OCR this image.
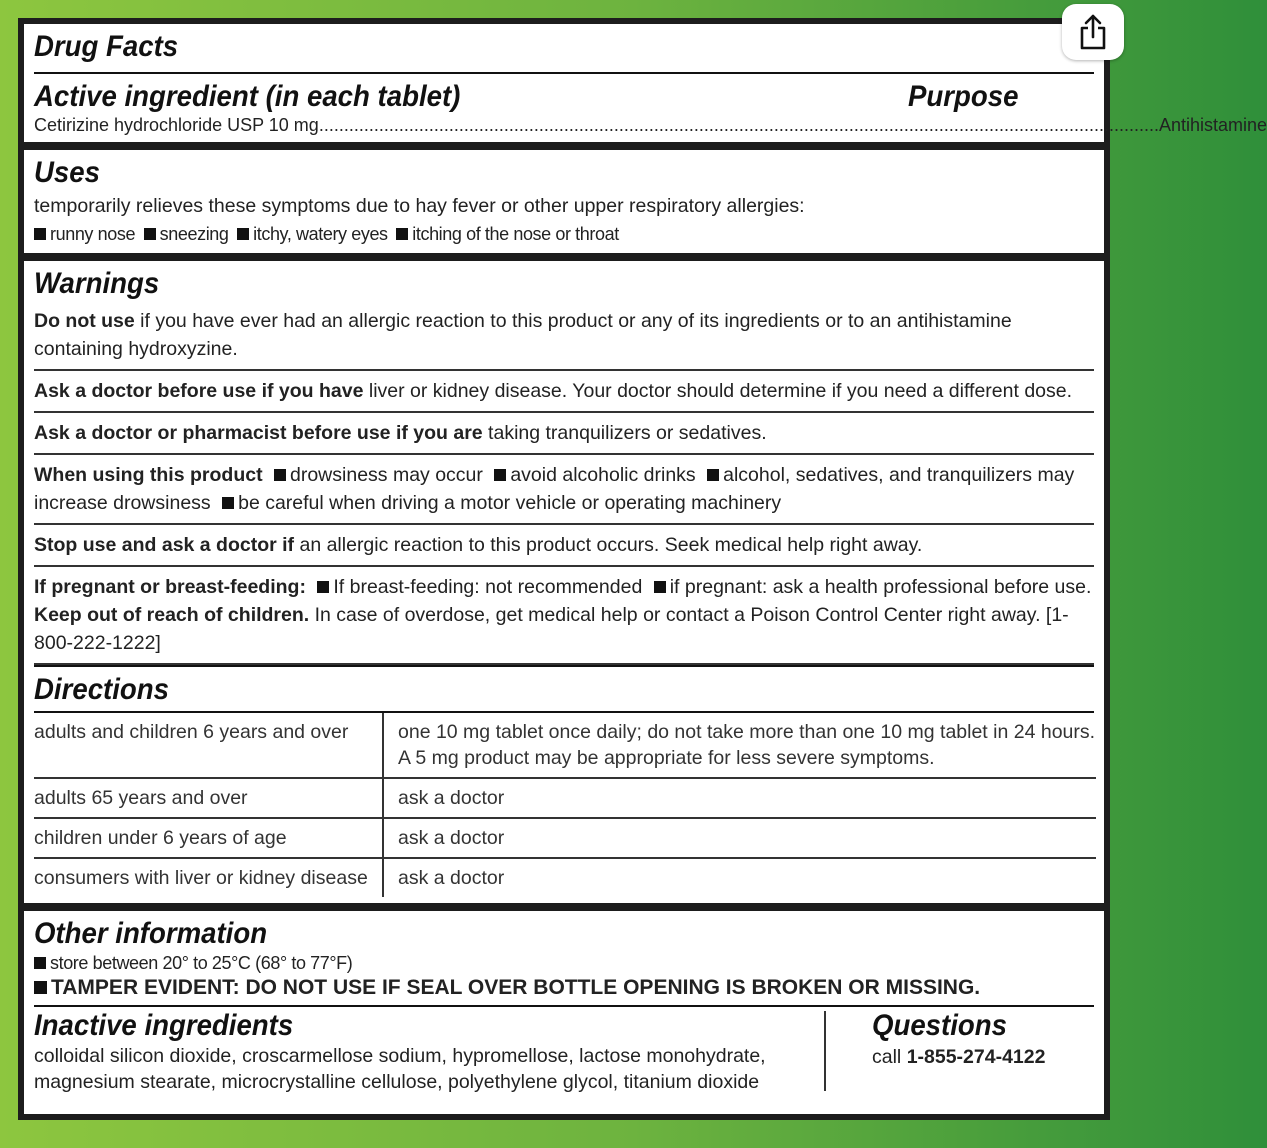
Drug Facts
Active ingredient (in each tablet)	Purpose
Cetirizine hydrochloride USP 10 mg ........................................................................................................................................................................ Antihistamine
Uses
temporarily relieves these symptoms due to hay fever or other upper respiratory allergies:
runny nose sneezing itchy, watery eyes itching of the nose or throat
Warnings
Do not use if you have ever had an allergic reaction to this product or any of its ingredients or to an antihistamine containing hydroxyzine.
Ask a doctor before use if you have liver or kidney disease. Your doctor should determine if you need a different dose.
Ask a doctor or pharmacist before use if you are taking tranquilizers or sedatives.
When using this product drowsiness may occur avoid alcoholic drinks alcohol, sedatives, and tranquilizers may increase drowsiness be careful when driving a motor vehicle or operating machinery
Stop use and ask a doctor if an allergic reaction to this product occurs. Seek medical help right away.
If pregnant or breast-feeding: If breast-feeding: not recommended if pregnant: ask a health professional before use. Keep out of reach of children. In case of overdose, get medical help or contact a Poison Control Center right away. [1-800-222-1222]
Directions
adults and children 6 years and over	one 10 mg tablet once daily; do not take more than one 10 mg tablet in 24 hours. A 5 mg product may be appropriate for less severe symptoms.
adults 65 years and over	ask a doctor
children under 6 years of age	ask a doctor
consumers with liver or kidney disease	ask a doctor
Other information
store between 20° to 25°C (68° to 77°F)
TAMPER EVIDENT: DO NOT USE IF SEAL OVER BOTTLE OPENING IS BROKEN OR MISSING.
Inactive ingredients
colloidal silicon dioxide, croscarmellose sodium, hypromellose, lactose monohydrate, magnesium stearate, microcrystalline cellulose, polyethylene glycol, titanium dioxide
Questions
call 1-855-274-4122
